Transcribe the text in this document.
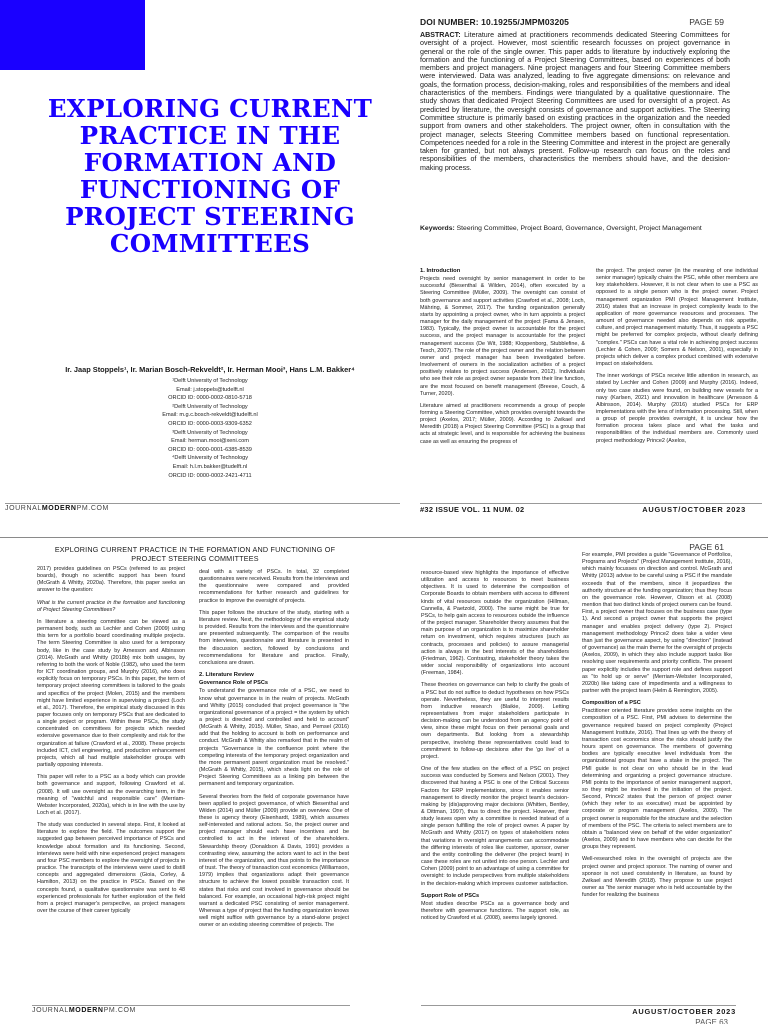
DOI NUMBER: 10.19255/JMPM03205	PAGE 59
EXPLORING CURRENT PRACTICE IN THE FORMATION AND FUNCTIONING OF PROJECT STEERING COMMITTEES
Ir. Jaap Stoppels¹, Ir. Marian Bosch-Rekveldt², Ir. Herman Mooi³, Hans L.M. Bakker⁴
¹Delft University of Technology
Email: j.stoppels@tudelft.nl
ORCID ID: 0000-0002-0810-5718
²Delft University of Technology
Email: m.g.c.bosch-rekveldt@tudelft.nl
ORCID ID: 0000-0003-9309-6352
³Delft University of Technology
Email: herman.mooi@xeni.com
ORCID ID: 0000-0001-6385-8539
⁴Delft University of Technology
Email: h.l.m.bakker@tudelft.nl
ORCID ID: 0000-0002-2421-4711
ABSTRACT: Literature aimed at practitioners recommends dedicated Steering Committees for oversight of a project. However, most scientific research focusses on project governance in general or the role of the single owner. This paper adds to literature by inductively exploring the formation and the functioning of a Project Steering Committees, based on experiences of both members and project managers. Nine project managers and four Steering Committee members were interviewed. Data was analyzed, leading to five aggregate dimensions: on relevance and goals, the formation process, decision-making, roles and responsibilities of the members and ideal characteristics of the members. Findings were triangulated by a qualitative questionnaire. The study shows that dedicated Project Steering Committees are used for oversight of a project. As predicted by literature, the oversight consists of governance and support activities. The Steering Committee structure is primarily based on existing practices in the organization and the needed support from owners and other stakeholders. The project owner, often in consultation with the project manager, selects Steering Committee members based on functional representation. Competences needed for a role in the Steering Committee and interest in the project are generally taken for granted, but not always present. Follow-up research can focus on the roles and responsibilities of the members, characteristics the members should have, and the decision-making process.
Keywords: Steering Committee, Project Board, Governance, Oversight, Project Management
1. Introduction

Projects need oversight by senior management in order to be successful (Biesenthal & Wilden, 2014), often executed by a Steering Committee (Müller, 2009). The oversight can consist of both governance and support activities (Crawford et al., 2008; Loch, Mähring, & Sommer, 2017). The funding organization generally starts by appointing a project owner, who in turn appoints a project manager for the daily management of the project (Fama & Jensen, 1983). Typically, the project owner is accountable for the project success, and the project manager is accountable for the project management success (De Wit, 1988; Kloppenborg, Stubblefine, & Tesch, 2007). The role of the project owner and the relation between owner and project manager has been investigated before. Involvement of owners in the socialization activities of a project positively relates to project success (Andersen, 2012). Individuals who see their role as project owner separate from their line function, are the most focused on benefit management (Breese, Couch, & Turner, 2020).

Literature aimed at practitioners recommends a group of people forming a Steering Committee, which provides oversight towards the project (Axelos, 2017; Müller, 2009). According to Zwikael and Meredith (2018) a Project Steering Committee (PSC) is a group that acts at strategic level, and is responsible for achieving the business case as well as ensuring the progress of

the project. The project owner (in the meaning of one individual senior manager) typically chairs the PSC, while other members are key stakeholders. However, it is not clear when to use a PSC as opposed to a single person who is the project owner. Project management organization PMI (Project Management Institute, 2016) states that an increase in project complexity leads to the application of more governance resources and processes. The amount of governance needed also depends on risk appetite, culture, and project management maturity. Thus, it suggests a PSC might be preferred for complex projects, without clearly defining "complex." PSCs can have a vital role in achieving project success (Lechler & Cohen, 2009; Somers & Nelson, 2001), especially in projects which deliver a complex product combined with extensive impact on stakeholders.

The inner workings of PSCs receive little attention in research, as stated by Lechler and Cohen (2009) and Murphy (2016). Indeed, only two case studies were found, on building new vessels for a navy (Karlsen, 2021) and innovation in healthcare (Arnesson & Albinsson, 2014). Murphy (2016) studied PSCs for ERP implementations with the lens of information processing. Still, when a group of people provides oversight, it is unclear how the formation process takes place and what the tasks and responsibilities of the individual members are. Commonly used project methodology Prince2 (Axelos,

JOURNALMODERNPM.COM	#32 ISSUE VOL. 11 NUM. 02	AUGUST/OCTOBER 2023
EXPLORING CURRENT PRACTICE IN THE FORMATION AND FUNCTIONING OF PROJECT STEERING COMMITTEES
PAGE 61

2017) provides guidelines on PSCs (referred to as project boards), though no scientific support has been found (McGrath & Whitty, 2020a). Therefore, this paper seeks an answer to the question:

What is the current practice in the formation and functioning of Project Steering Committees?

In literature a steering committee can be viewed as a permanent body, such as Lechler and Cohen (2009) using this term for a portfolio board coordinating multiple projects. The term Steering Committee is also used for a temporary body, like in the case study by Arnesson and Albinsson (2014). McGrath and Whitty (2018b) mix both usages, by referring to both the work of Noble (1982), who used the term for ICT coordination groups, and Murphy (2016), who does explicitly focus on temporary PSCs. In this paper, the term of temporary project steering committees is tailored to the goals and specifics of the project (Molen, 2015) and the members might have limited experience in supervising a project (Loch et al., 2017). Therefore, the empirical study discussed in this paper focuses only on temporary PSCs that are dedicated to a single project or program. Within these PSCs, the study concentrated on committees for projects which needed extensive governance due to their complexity and risk for the organization at failure (Crawford et al., 2008). These projects included ICT, civil engineering, and production enhancement projects, which all had multiple stakeholder groups with partially opposing interests.

This paper will refer to a PSC as a body which can provide both governance and support, following Crawford et al. (2008). It will use oversight as the overarching term, in the meaning of "watchful and responsible care" (Merriam-Webster Incorporated, 2020a), which is in line with the use by Loch et al. (2017).

The study was conducted in several steps. First, it looked at literature to explore the field. The outcomes support the suggested gap between perceived importance of PSCs and knowledge about formation and its functioning. Second, interviews were held with nine experienced project managers and four PSC members to explore the oversight of projects in practice. The transcripts of the interviews were used to distill concepts and aggregated dimensions (Gioia, Corley, & Hamilton, 2013) on the practice in PSCs. Based on the concepts found, a qualitative questionnaire was sent to 48 experienced professionals for further exploration of the field from a project manager's perspective, as project managers over the course of their career typically

deal with a variety of PSCs. In total, 32 completed questionnaires were received. Results from the interviews and the questionnaire were compared and provided recommendations for further research and guidelines for practice to improve the oversight of projects.

This paper follows the structure of the study, starting with a literature review. Next, the methodology of the empirical study is provided. Results from the interviews and the questionnaire are presented subsequently. The comparison of the results from interviews, questionnaire and literature is presented in the discussion section, followed by conclusions and recommendations for literature and practice. Finally, conclusions are drawn.

2. Literature Review
Governance Role of PSCs

To understand the governance role of a PSC, we need to know what governance is in the realm of projects. McGrath and Whitty (2015) concluded that project governance is "the organizational governance of a project = the system by which a project is directed and controlled and held to account" (McGrath & Whitty, 2015). Müller, Shao, and Pemsel (2016) add that the holding to account is both on performance and conduct. McGrath & Whitty also remarked that in the realm of projects "Governance is the confluence point where the competing interests of the temporary project organization and the more permanent parent organization must be resolved." (McGrath & Whitty, 2015), which sheds light on the role of Project Steering Committees as a linking pin between the permanent and temporary organization.

Several theories from the field of corporate governance have been applied to project governance, of which Biesenthal and Wilden (2014) and Müller (2009) provide an overview. One of these is agency theory (Eisenhardt, 1989), which assumes self-interested and rational actors. So, the project owner and project manager should each have incentives and be controlled to act in the interest of the shareholders. Stewardship theory (Donaldson & Davis, 1991) provides a contrasting view, assuming the actors want to act in the best interest of the organization, and thus points to the importance of trust. The theory of transaction cost economics (Williamson, 1979) implies that organizations adapt their governance structure to achieve the lowest possible transaction cost. It states that risks and cost involved in governance should be balanced. For example, an occasional high-risk project might warrant a dedicated PSC consisting of senior management. Whereas a type of project that the funding organization knows well might suffice with governance by a stand-alone project owner or an existing steering committee of projects. The

resource-based view highlights the importance of effective utilization and access to resources to meet business objectives. It is used to determine the composition of Corporate Boards to obtain members with access to different kinds of vital resources outside the organization (Hillman, Cannella, & Paetzold, 2000). The same might be true for PSCs, to help gain access to resources outside the influence of the project manager. Shareholder theory assumes that the main purpose of an organization is to maximize shareholder return on investment, which requires structures (such as contracts, processes and policies) to assure managerial action is always in the best interests of the shareholders (Friedman, 1962). Contrasting, stakeholder theory takes the wider social responsibility of organizations into account (Freeman, 1984).

These theories on governance can help to clarify the goals of a PSC but do not suffice to deduct hypotheses on how PSCs operate. Nevertheless, they are useful to interpret results from inductive research (Blaikie, 2009). Letting representatives from major stakeholders participate in decision-making can be understood from an agency point of view, since these might focus on their personal goals and own departments. But looking from a stewardship perspective, involving these representatives could lead to commitment to follow-up decisions after the 'go live' of a project.

One of the few studies on the effect of a PSC on project success was conducted by Somers and Nelson (2001). They discovered that having a PSC is one of the Critical Success Factors for ERP implementations, since it enables senior management to directly monitor the project team's decision-making by (dis)approving major decisions (Whitten, Bentley, & Dittman, 1997), thus to direct the project. However, their study leaves open why a committee is needed instead of a single person fulfilling the role of project owner. A paper by McGrath and Whitty (2017) on types of stakeholders notes that variations in oversight arrangements can accommodate the differing interests of roles like customer, sponsor, owner and the entity controlling the deliverer (the project team) in case these roles are not united into one person. Lechler and Cohen (2009) point to an advantage of using a committee for oversight: to include perspectives from multiple stakeholders in the decision-making which improves customer satisfaction.

Support Role of PSCs

Most studies describe PSCs as a governance body and therefore with governance functions. The support role, as noticed by Crawford et al. (2008), seems largely ignored.

For example, PMI provides a guide "Governance of Portfolios, Programs and Projects" (Project Management Institute, 2016), which mainly focusses on direction and control. McGrath and Whitty (2013) advise to be careful using a PSC if the mandate exceeds that of the members, since it jeopardizes the authority structure at the funding organization; thus they focus on the governance role. However, Olsson et al. (2008) mention that two distinct kinds of project owners can be found. First, a project owner that focuses on the business case (type 1). And second a project owner that supports the project manager and enables project delivery (type 2). Project management methodology Prince2 does take a wider view than just the governance aspect, by using "direction" (instead of governance) as the main theme for the oversight of projects (Axelos, 2009), in which they also include support tasks like resolving user requirements and priority conflicts. The present paper explicitly includes the support role and defines support as "to hold up or serve" (Merriam-Webster Incorporated, 2020b) like taking care of impediments and a willingness to partner with the project team (Helm & Remington, 2005).

Composition of a PSC

Practitioner oriented literature provides some insights on the composition of a PSC. First, PMI advises to determine the governance required based on project complexity (Project Management Institute, 2016). That lines up with the theory of transaction cost economics since the risks should justify the hours spent on governance. The members of governing bodies are typically executive level individuals from the organizational groups that have a stake in the project. The PMI guide is not clear on who should be in the lead determining and organizing a project governance structure. PMI points to the importance of senior management support, so they might be involved in the initiation of the project. Second, Prince2 states that the person of project owner (which they refer to as executive) must be appointed by corporate or program management (Axelos, 2009). The project owner is responsible for the structure and the selection of members of the PSC. The criteria to select members are to obtain a "balanced view on behalf of the wider organization" (Axelos, 2009) and to have members who can decide for the groups they represent.

Well-researched roles in the oversight of projects are the project owner and project sponsor. The naming of owner and sponsor is not used consistently in literature, as found by Zwikael and Meredith (2018). They propose to use project owner as "the senior manager who is held accountable by the funder for realizing the business

JOURNALMODERNPM.COM	AUGUST/OCTOBER 2023
PAGE 63
